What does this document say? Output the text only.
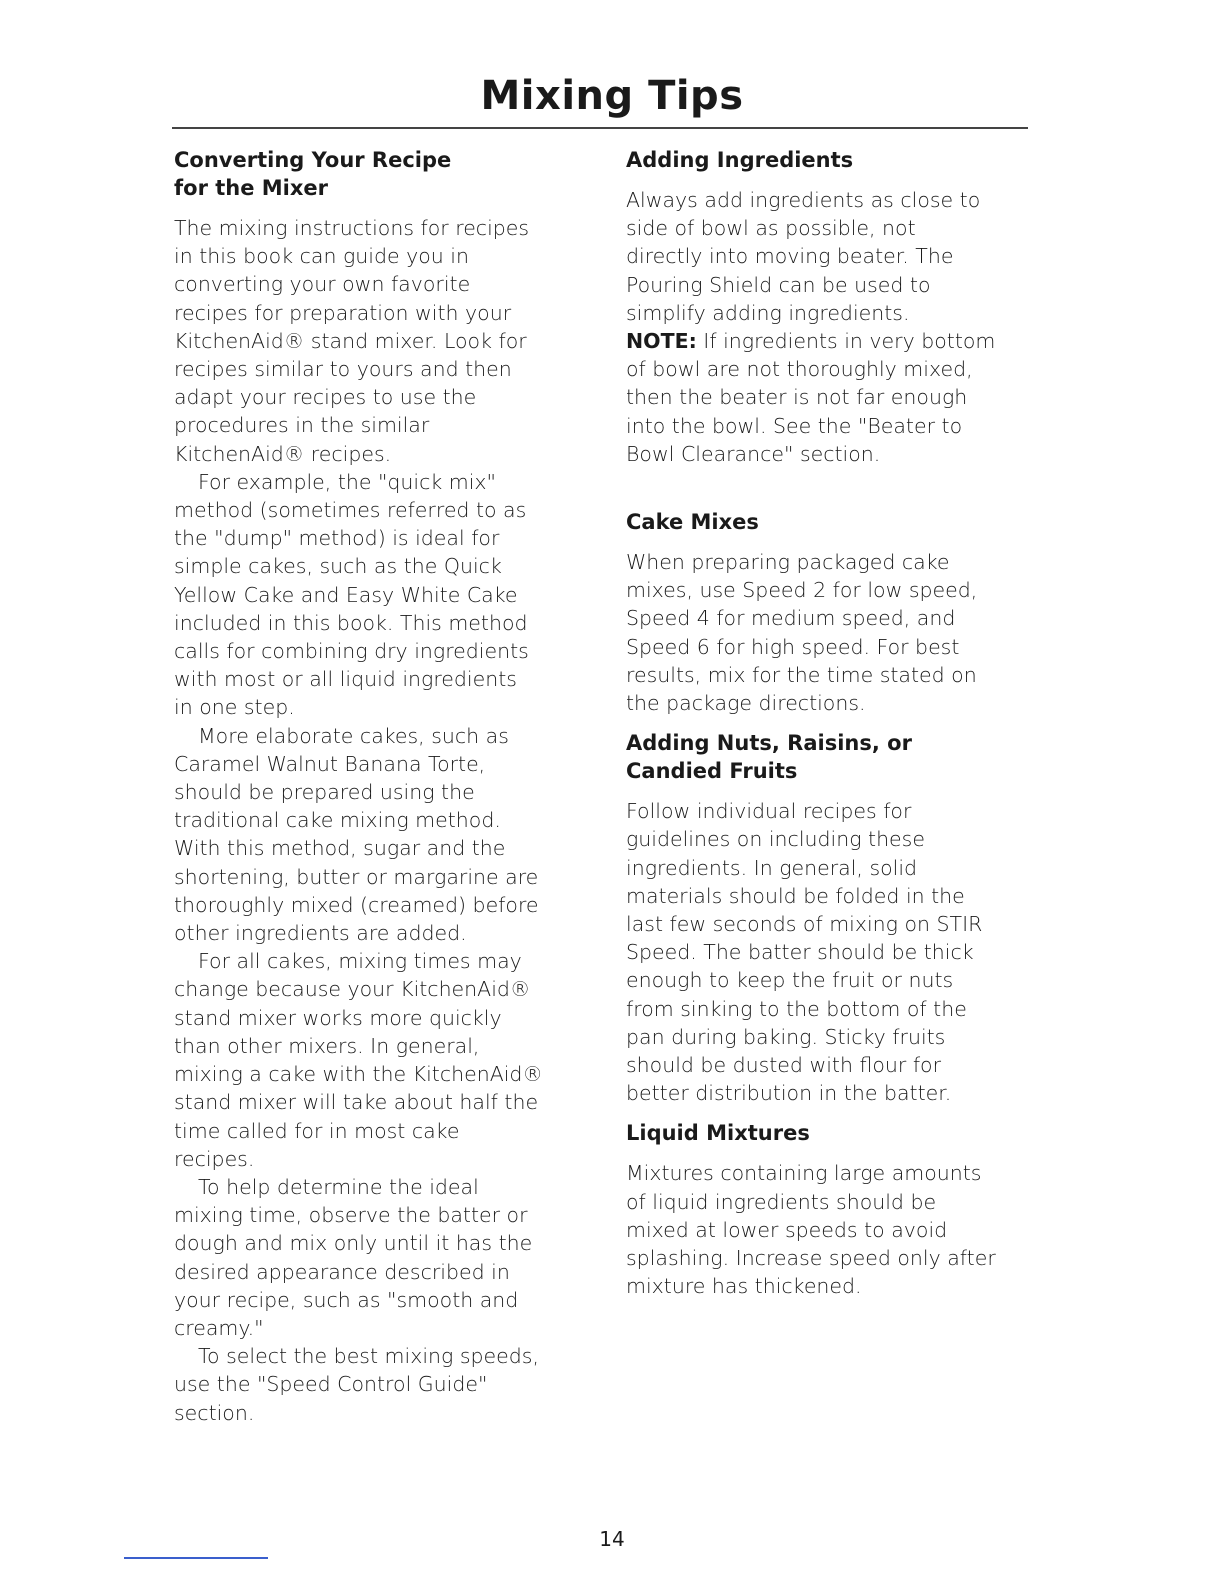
Mixing Tips
Converting Your Recipe
for the Mixer

The mixing instructions for recipes
in this book can guide you in
converting your own favorite
recipes for preparation with your
KitchenAid® stand mixer. Look for
recipes similar to yours and then
adapt your recipes to use the
procedures in the similar
KitchenAid® recipes.

For example, the "quick mix"
method (sometimes referred to as
the "dump" method) is ideal for
simple cakes, such as the Quick
Yellow Cake and Easy White Cake
included in this book. This method
calls for combining dry ingredients
with most or all liquid ingredients
in one step.

More elaborate cakes, such as
Caramel Walnut Banana Torte,
should be prepared using the
traditional cake mixing method.
With this method, sugar and the
shortening, butter or margarine are
thoroughly mixed (creamed) before
other ingredients are added.

For all cakes, mixing times may
change because your KitchenAid®
stand mixer works more quickly
than other mixers. In general,
mixing a cake with the KitchenAid®
stand mixer will take about half the
time called for in most cake
recipes.

To help determine the ideal
mixing time, observe the batter or
dough and mix only until it has the
desired appearance described in
your recipe, such as "smooth and
creamy."

To select the best mixing speeds,
use the "Speed Control Guide"
section.

Adding Ingredients

Always add ingredients as close to
side of bowl as possible, not
directly into moving beater. The
Pouring Shield can be used to
simplify adding ingredients.

NOTE: If ingredients in very bottom
of bowl are not thoroughly mixed,
then the beater is not far enough
into the bowl. See the "Beater to
Bowl Clearance" section.

Cake Mixes

When preparing packaged cake
mixes, use Speed 2 for low speed,
Speed 4 for medium speed, and
Speed 6 for high speed. For best
results, mix for the time stated on
the package directions.

Adding Nuts, Raisins, or
Candied Fruits

Follow individual recipes for
guidelines on including these
ingredients. In general, solid
materials should be folded in the
last few seconds of mixing on STIR
Speed. The batter should be thick
enough to keep the fruit or nuts
from sinking to the bottom of the
pan during baking. Sticky fruits
should be dusted with flour for
better distribution in the batter.

Liquid Mixtures

Mixtures containing large amounts
of liquid ingredients should be
mixed at lower speeds to avoid
splashing. Increase speed only after
mixture has thickened.

14
